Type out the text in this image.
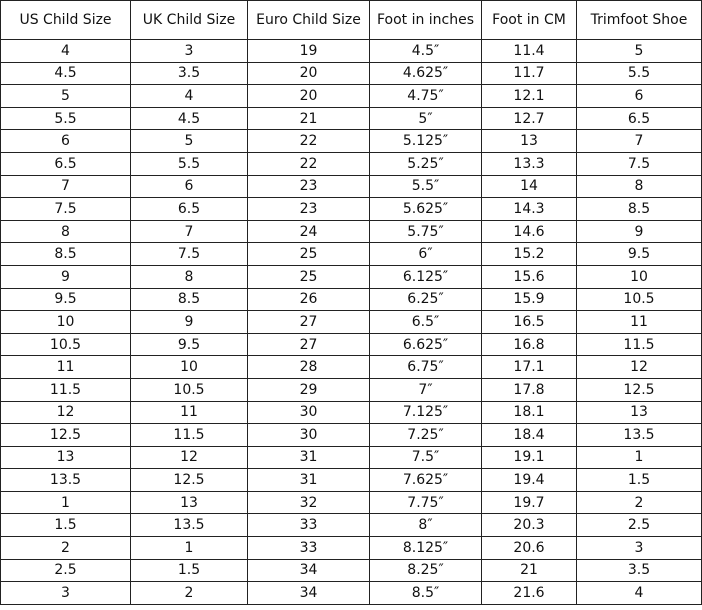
US Child Size	UK Child Size	Euro Child Size	Foot in inches	Foot in CM	Trimfoot Shoe
4	3	19	4.5″	11.4	5
4.5	3.5	20	4.625″	11.7	5.5
5	4	20	4.75″	12.1	6
5.5	4.5	21	5″	12.7	6.5
6	5	22	5.125″	13	7
6.5	5.5	22	5.25″	13.3	7.5
7	6	23	5.5″	14	8
7.5	6.5	23	5.625″	14.3	8.5
8	7	24	5.75″	14.6	9
8.5	7.5	25	6″	15.2	9.5
9	8	25	6.125″	15.6	10
9.5	8.5	26	6.25″	15.9	10.5
10	9	27	6.5″	16.5	11
10.5	9.5	27	6.625″	16.8	11.5
11	10	28	6.75″	17.1	12
11.5	10.5	29	7″	17.8	12.5
12	11	30	7.125″	18.1	13
12.5	11.5	30	7.25″	18.4	13.5
13	12	31	7.5″	19.1	1
13.5	12.5	31	7.625″	19.4	1.5
1	13	32	7.75″	19.7	2
1.5	13.5	33	8″	20.3	2.5
2	1	33	8.125″	20.6	3
2.5	1.5	34	8.25″	21	3.5
3	2	34	8.5″	21.6	4
